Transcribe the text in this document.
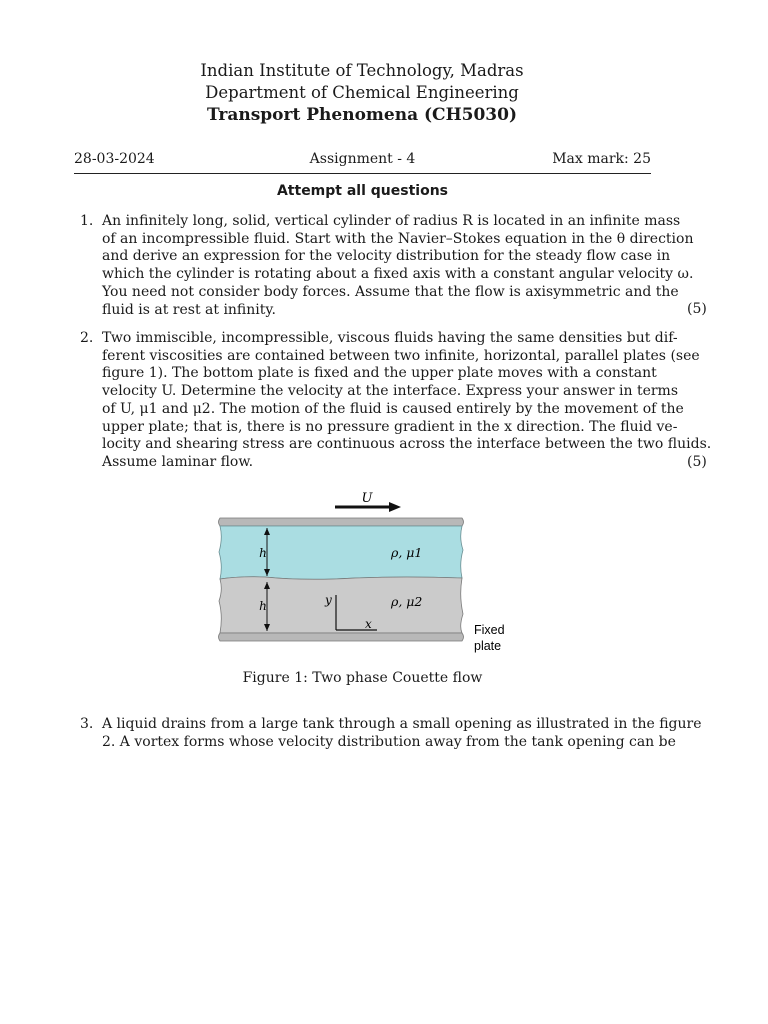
Indian Institute of Technology, Madras
Department of Chemical Engineering
Transport Phenomena (CH5030)
28-03-2024	Assignment - 4	Max mark: 25
Attempt all questions
1. An infinitely long, solid, vertical cylinder of radius R is located in an infinite mass
of an incompressible fluid. Start with the Navier–Stokes equation in the θ direction
and derive an expression for the velocity distribution for the steady flow case in
which the cylinder is rotating about a fixed axis with a constant angular velocity ω.
You need not consider body forces. Assume that the flow is axisymmetric and the
fluid is at rest at infinity.	(5)
2. Two immiscible, incompressible, viscous fluids having the same densities but dif-
ferent viscosities are contained between two infinite, horizontal, parallel plates (see
figure 1). The bottom plate is fixed and the upper plate moves with a constant
velocity U. Determine the velocity at the interface. Express your answer in terms
of U, μ1 and μ2. The motion of the fluid is caused entirely by the movement of the
upper plate; that is, there is no pressure gradient in the x direction. The fluid ve-
locity and shearing stress are continuous across the interface between the two fluids.
Assume laminar flow.	(5)
U
h
h
ρ, μ1
ρ, μ2
y
x	Fixed
plate
Figure 1: Two phase Couette flow
3. A liquid drains from a large tank through a small opening as illustrated in the figure
2. A vortex forms whose velocity distribution away from the tank opening can be
